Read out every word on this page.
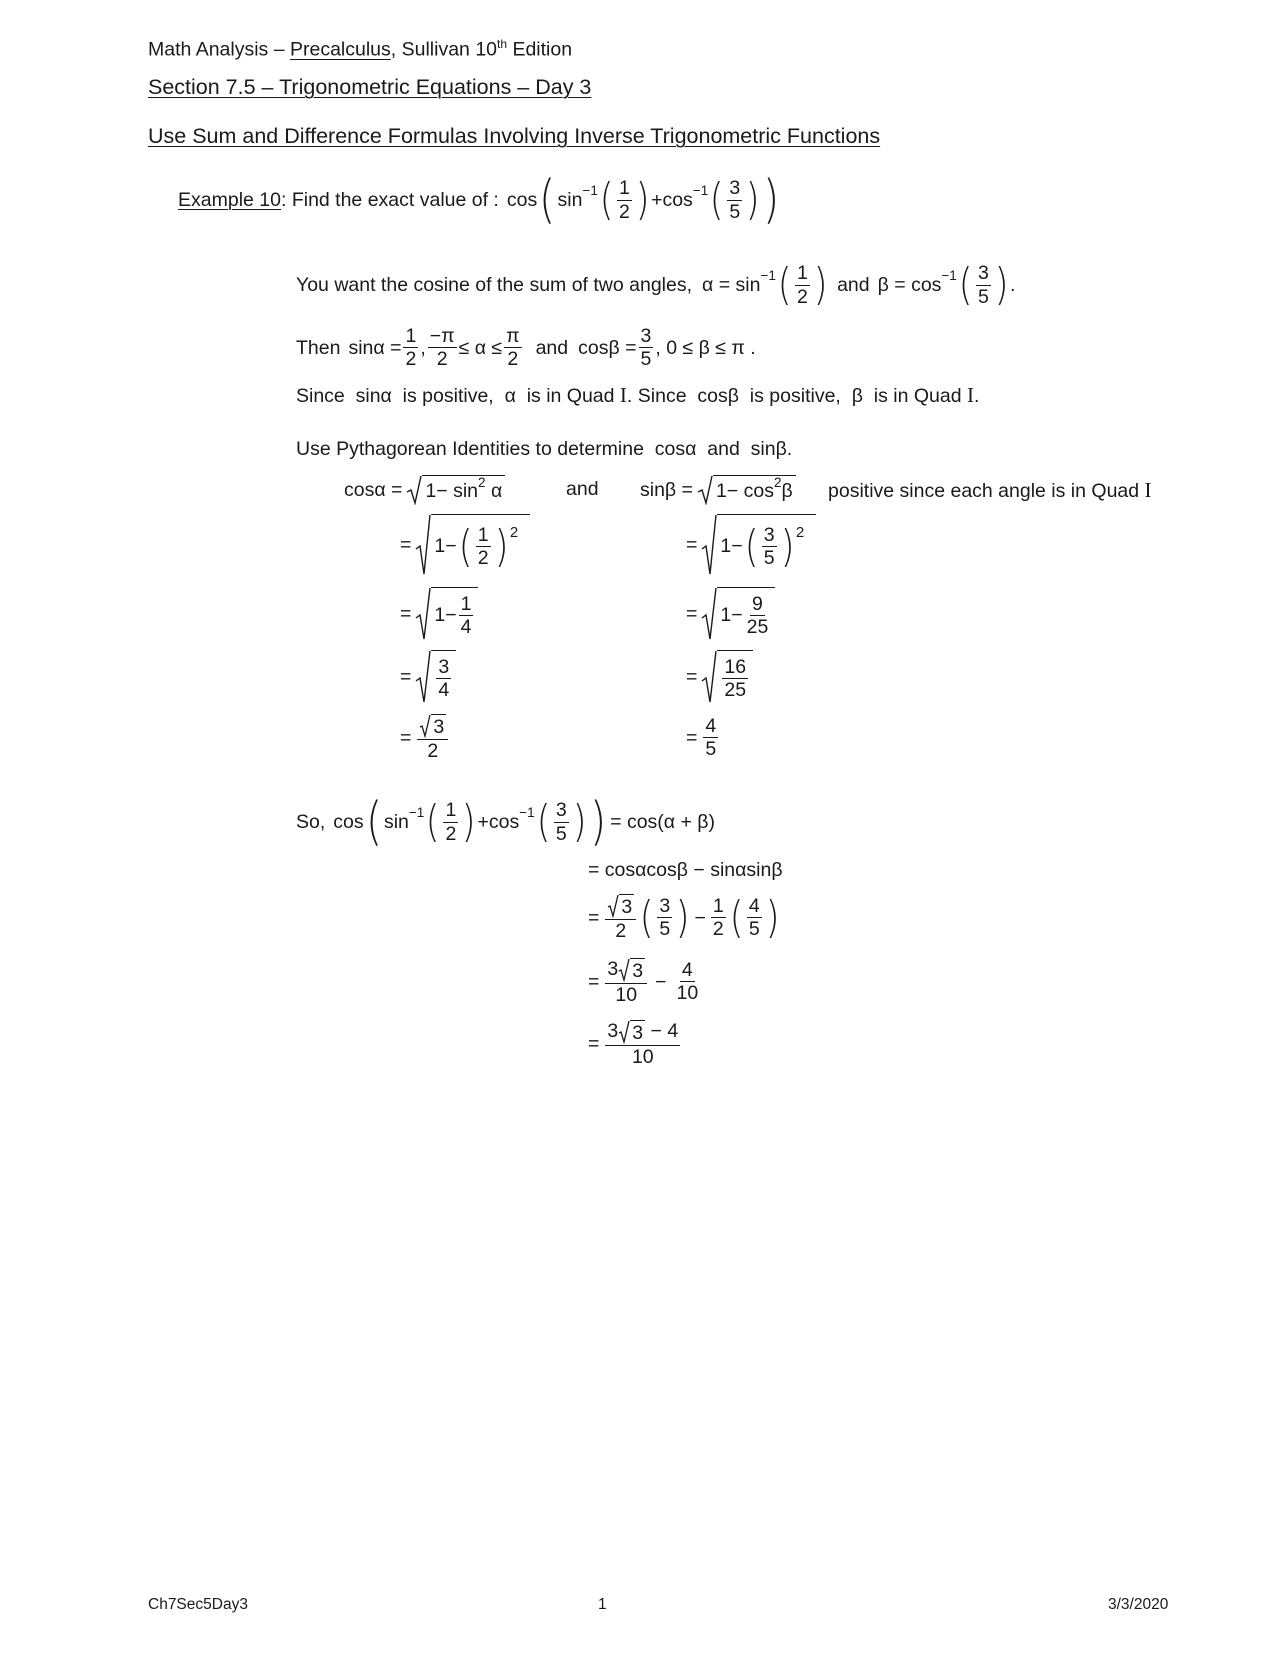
Math Analysis – Precalculus, Sullivan 10th Edition
Section 7.5 – Trigonometric Equations – Day 3
Use Sum and Difference Formulas Involving Inverse Trigonometric Functions
Example 10 : Find the exact value of : cos ( sin −1 ( $\frac{1}{2}$ ) + cos −1 ( $\frac{3}{5}$ ) )
You want the cosine of the sum of two angles, α = sin −1 ( $\frac{1}{2}$ ) and β = cos −1 ( $\frac{3}{5}$ ) .
Then $\sin\alpha = \frac{1}{2}$ , $\frac{-\pi}{2} \le \alpha \le \frac{\pi}{2}$ and $\cos\beta = \frac{3}{5}$ , 0 ≤ β ≤ π .
Since sinα is positive, α is in Quad I. Since cosβ is positive, β is in Quad I.
Use Pythagorean Identities to determine cosα and sinβ.
cosα = 1− sin 2
α	and
= 1− ( $\frac{1}{2}$ ) 2
= $1- \frac{1}{4}$
= $\frac{3}{4}$
= $\frac{3}{2}$
sinβ = 1− cos 2 β positive since each angle is in Quad I
= 1− ( $\frac{3}{5}$ ) 2
= $1- \frac{9}{25}$
= $\frac{16}{25}$
= $\frac{4}{5}$
So, cos ( sin −1 ( $\frac{1}{2}$ ) + cos −1 ( $\frac{3}{5}$ ) ) = cos(α + β)
= cosαcosβ − sinαsinβ
= $\frac{3}{2}$ ( $\frac{3}{5}$ ) − $\frac{1}{2}$ ( $\frac{4}{5}$ )
= $\frac{3 3}{10} - \frac{4}{10}$
= $\frac{3 3 - 4}{10}$
Ch7Sec5Day3	1	3/3/2020
